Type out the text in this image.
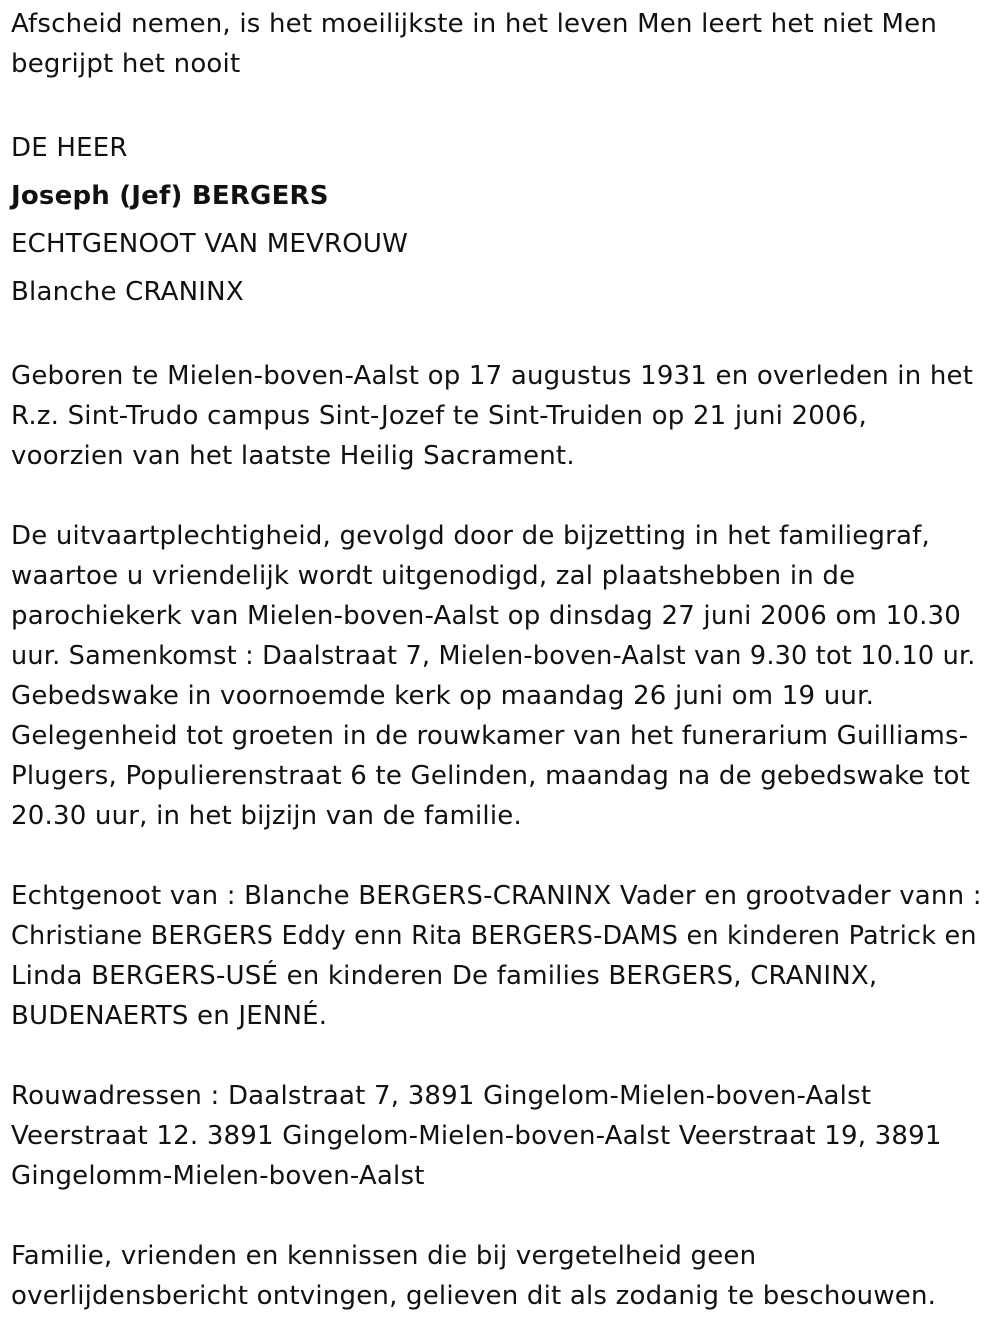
Afscheid nemen, is het moeilijkste in het leven Men leert het niet Men
begrijpt het nooit
DE HEER
Joseph (Jef) BERGERS
ECHTGENOOT VAN MEVROUW
Blanche CRANINX
Geboren te Mielen-boven-Aalst op 17 augustus 1931 en overleden in het
R.z. Sint-Trudo campus Sint-Jozef te Sint-Truiden op 21 juni 2006,
voorzien van het laatste Heilig Sacrament.
De uitvaartplechtigheid, gevolgd door de bijzetting in het familiegraf,
waartoe u vriendelijk wordt uitgenodigd, zal plaatshebben in de
parochiekerk van Mielen-boven-Aalst op dinsdag 27 juni 2006 om 10.30
uur. Samenkomst : Daalstraat 7, Mielen-boven-Aalst van 9.30 tot 10.10 ur.
Gebedswake in voornoemde kerk op maandag 26 juni om 19 uur.
Gelegenheid tot groeten in de rouwkamer van het funerarium Guilliams-
Plugers, Populierenstraat 6 te Gelinden, maandag na de gebedswake tot
20.30 uur, in het bijzijn van de familie.
Echtgenoot van : Blanche BERGERS-CRANINX Vader en grootvader vann :
Christiane BERGERS Eddy enn Rita BERGERS-DAMS en kinderen Patrick en
Linda BERGERS-USÉ en kinderen De families BERGERS, CRANINX,
BUDENAERTS en JENNÉ.
Rouwadressen : Daalstraat 7, 3891 Gingelom-Mielen-boven-Aalst
Veerstraat 12. 3891 Gingelom-Mielen-boven-Aalst Veerstraat 19, 3891
Gingelomm-Mielen-boven-Aalst
Familie, vrienden en kennissen die bij vergetelheid geen
overlijdensbericht ontvingen, gelieven dit als zodanig te beschouwen.
